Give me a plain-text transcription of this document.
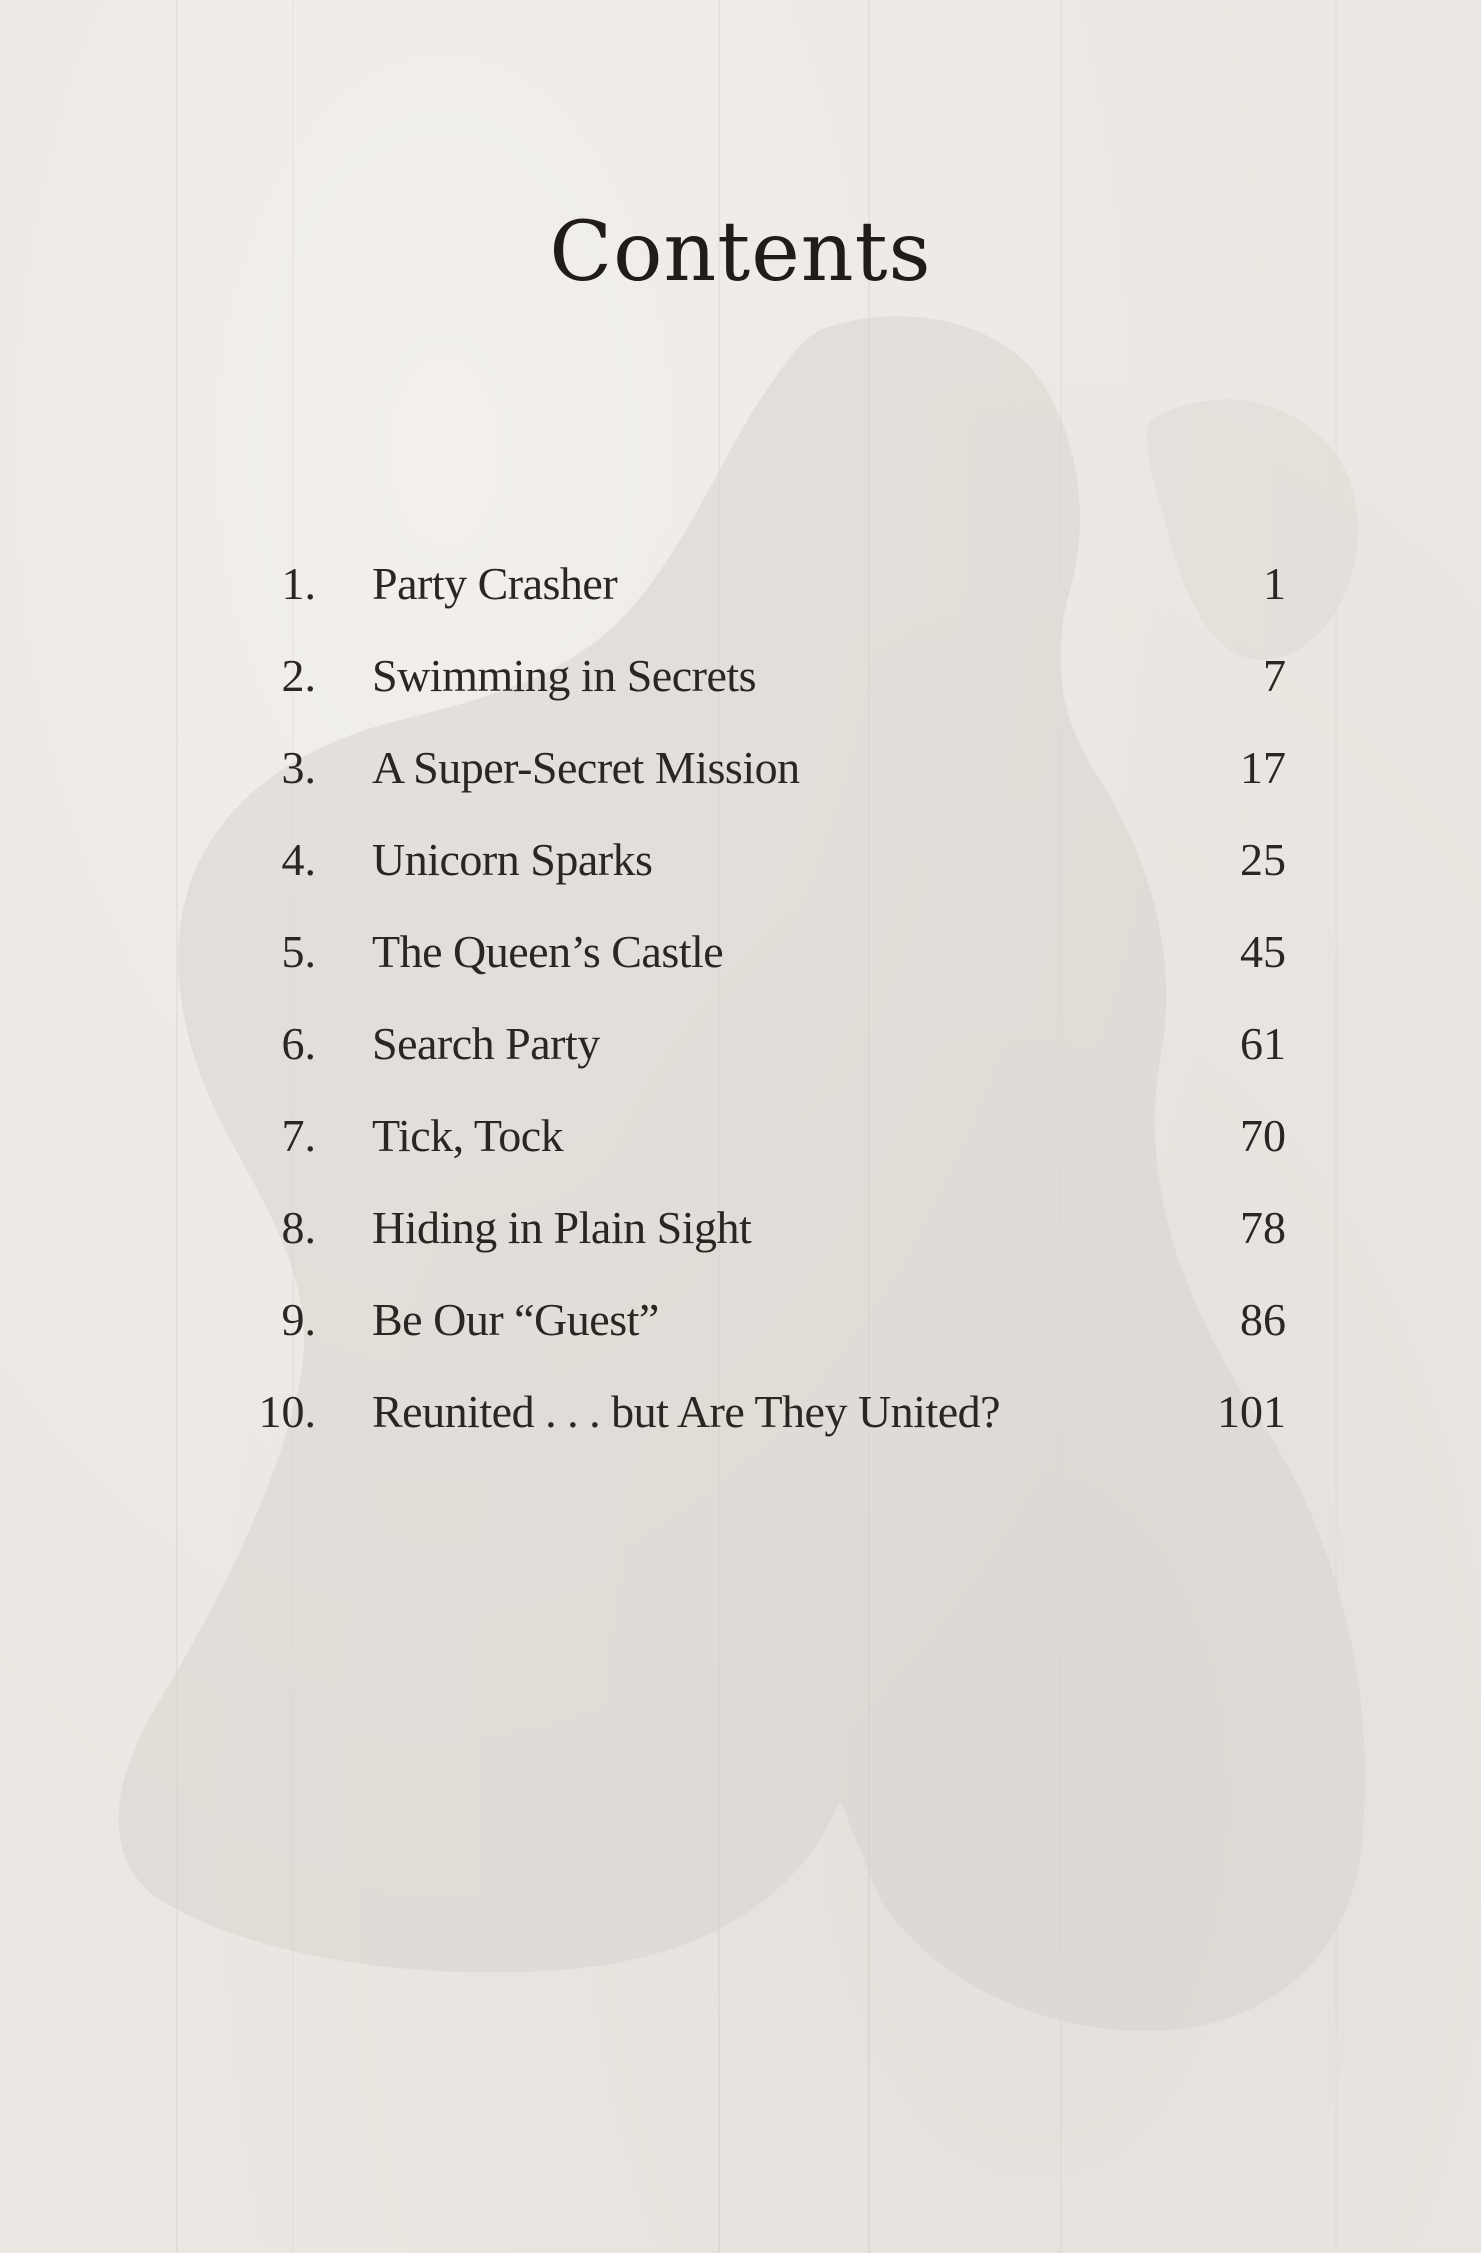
Contents
1. Party Crasher	1
2. Swimming in Secrets	7
3. A Super-Secret Mission	17
4. Unicorn Sparks	25
5. The Queen’s Castle	45
6. Search Party	61
7. Tick, Tock	70
8. Hiding in Plain Sight	78
9. Be Our “Guest”	86
10. Reunited . . . but Are They United?	101
